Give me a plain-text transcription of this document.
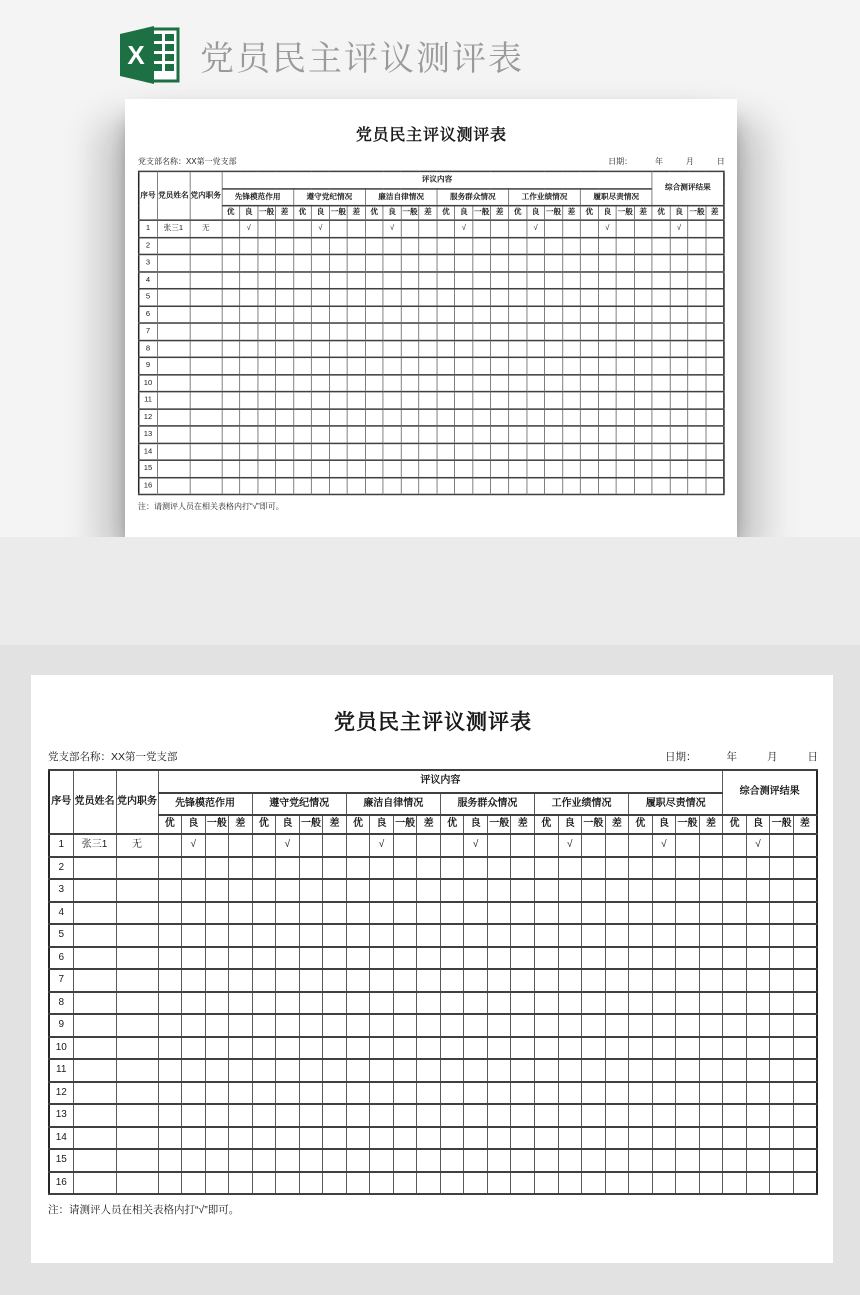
X 党员民主评议测评表
党员民主评议测评表
党支部名称：XX第一党支部	日期： 年 月 日
序号	党员姓名	党内职务	评议内容																								综合测评结果			
			先锋模范作用				遵守党纪情况				廉洁自律情况				服务群众情况				工作业绩情况				履职尽责情况							
			优	良	一般	差	优	良	一般	差	优	良	一般	差	优	良	一般	差	优	良	一般	差	优	良	一般	差	优	良	一般	差
1	张三1	无		√				√				√				√				√				√				√		
2																														
3																														
4																														
5																														
6																														
7																														
8																														
9																														
10																														
11																														
12																														
13																														
14																														
15																														
16																														
注：请测评人员在相关表格内打“√”即可。
党员民主评议测评表
党支部名称：XX第一党支部	日期：	年	月	日
序号	党员姓名	党内职务	评议内容																								综合测评结果			
			先锋模范作用				遵守党纪情况				廉洁自律情况				服务群众情况				工作业绩情况				履职尽责情况							
			优	良	一般	差	优	良	一般	差	优	良	一般	差	优	良	一般	差	优	良	一般	差	优	良	一般	差	优	良	一般	差
1	张三1	无		√				√				√				√				√				√				√		
2																														
3																														
4																														
5																														
6																														
7																														
8																														
9																														
10																														
11																														
12																														
13																														
14																														
15																														
16																														
注：请测评人员在相关表格内打“√”即可。
